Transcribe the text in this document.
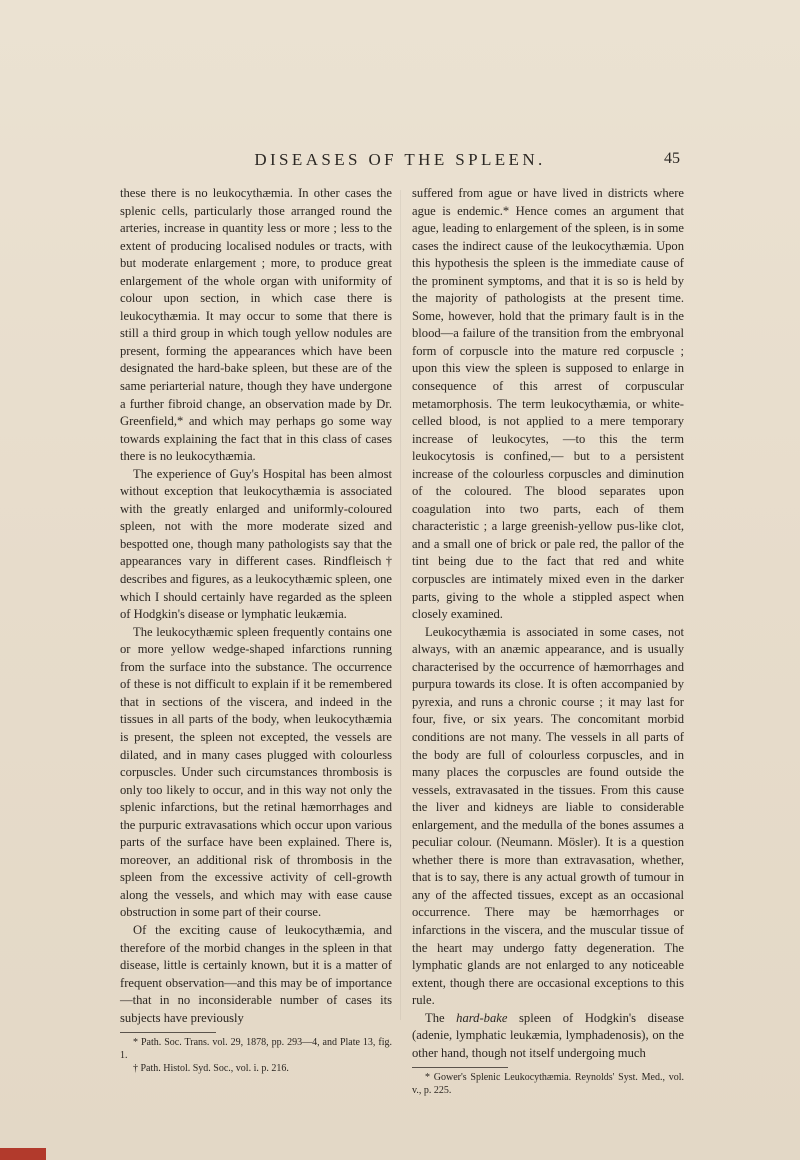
DISEASES OF THE SPLEEN.	45

these there is no leukocythæmia. In other cases the splenic cells, particularly those arranged round the arteries, increase in quantity less or more ; less to the extent of producing localised nodules or tracts, with but moderate enlargement ; more, to produce great enlargement of the whole organ with uniformity of colour upon section, in which case there is leukocythæmia. It may occur to some that there is still a third group in which tough yellow nodules are present, forming the appearances which have been designated the hard-bake spleen, but these are of the same periarterial nature, though they have undergone a further fibroid change, an observation made by Dr. Greenfield,* and which may perhaps go some way towards explaining the fact that in this class of cases there is no leukocythæmia.

The experience of Guy's Hospital has been almost without exception that leukocythæmia is associated with the greatly enlarged and uniformly-coloured spleen, not with the more moderate sized and bespotted one, though many pathologists say that the appearances vary in different cases. Rindfleisch† describes and figures, as a leukocythæmic spleen, one which I should certainly have regarded as the spleen of Hodgkin's disease or lymphatic leukæmia.

The leukocythæmic spleen frequently contains one or more yellow wedge-shaped infarctions running from the surface into the substance. The occurrence of these is not difficult to explain if it be remembered that in sections of the viscera, and indeed in the tissues in all parts of the body, when leukocythæmia is present, the spleen not excepted, the vessels are dilated, and in many cases plugged with colourless corpuscles. Under such circumstances thrombosis is only too likely to occur, and in this way not only the splenic infarctions, but the retinal hæmorrhages and the purpuric extravasations which occur upon various parts of the surface have been explained. There is, moreover, an additional risk of thrombosis in the spleen from the excessive activity of cell-growth along the vessels, and which may with ease cause obstruction in some part of their course.

Of the exciting cause of leukocythæmia, and therefore of the morbid changes in the spleen in that disease, little is certainly known, but it is a matter of frequent observation—and this may be of importance—that in no inconsiderable number of cases its subjects have previously

* Path. Soc. Trans. vol. 29, 1878, pp. 293—4, and Plate 13, fig. 1.

† Path. Histol. Syd. Soc., vol. i. p. 216.

suffered from ague or have lived in districts where ague is endemic.* Hence comes an argument that ague, leading to enlargement of the spleen, is in some cases the indirect cause of the leukocythæmia. Upon this hypothesis the spleen is the immediate cause of the prominent symptoms, and that it is so is held by the majority of pathologists at the present time. Some, however, hold that the primary fault is in the blood—a failure of the transition from the embryonal form of corpuscle into the mature red corpuscle ; upon this view the spleen is supposed to enlarge in consequence of this arrest of corpuscular metamorphosis. The term leukocythæmia, or white-celled blood, is not applied to a mere temporary increase of leukocytes, —to this the term leukocytosis is confined,— but to a persistent increase of the colourless corpuscles and diminution of the coloured. The blood separates upon coagulation into two parts, each of them characteristic ; a large greenish-yellow pus-like clot, and a small one of brick or pale red, the pallor of the tint being due to the fact that red and white corpuscles are intimately mixed even in the darker parts, giving to the whole a stippled aspect when closely examined.

Leukocythæmia is associated in some cases, not always, with an anæmic appearance, and is usually characterised by the occurrence of hæmorrhages and purpura towards its close. It is often accompanied by pyrexia, and runs a chronic course ; it may last for four, five, or six years. The concomitant morbid conditions are not many. The vessels in all parts of the body are full of colourless corpuscles, and in many places the corpuscles are found outside the vessels, extravasated in the tissues. From this cause the liver and kidneys are liable to considerable enlargement, and the medulla of the bones assumes a peculiar colour. (Neumann. Mösler). It is a question whether there is more than extravasation, whether, that is to say, there is any actual growth of tumour in any of the affected tissues, except as an occasional occurrence. There may be hæmorrhages or infarctions in the viscera, and the muscular tissue of the heart may undergo fatty degeneration. The lymphatic glands are not enlarged to any noticeable extent, though there are occasional exceptions to this rule.

The hard-bake spleen of Hodgkin's disease (adenie, lymphatic leukæmia, lymphadenosis), on the other hand, though not itself undergoing much

* Gower's Splenic Leukocythæmia. Reynolds' Syst. Med., vol. v., p. 225.
